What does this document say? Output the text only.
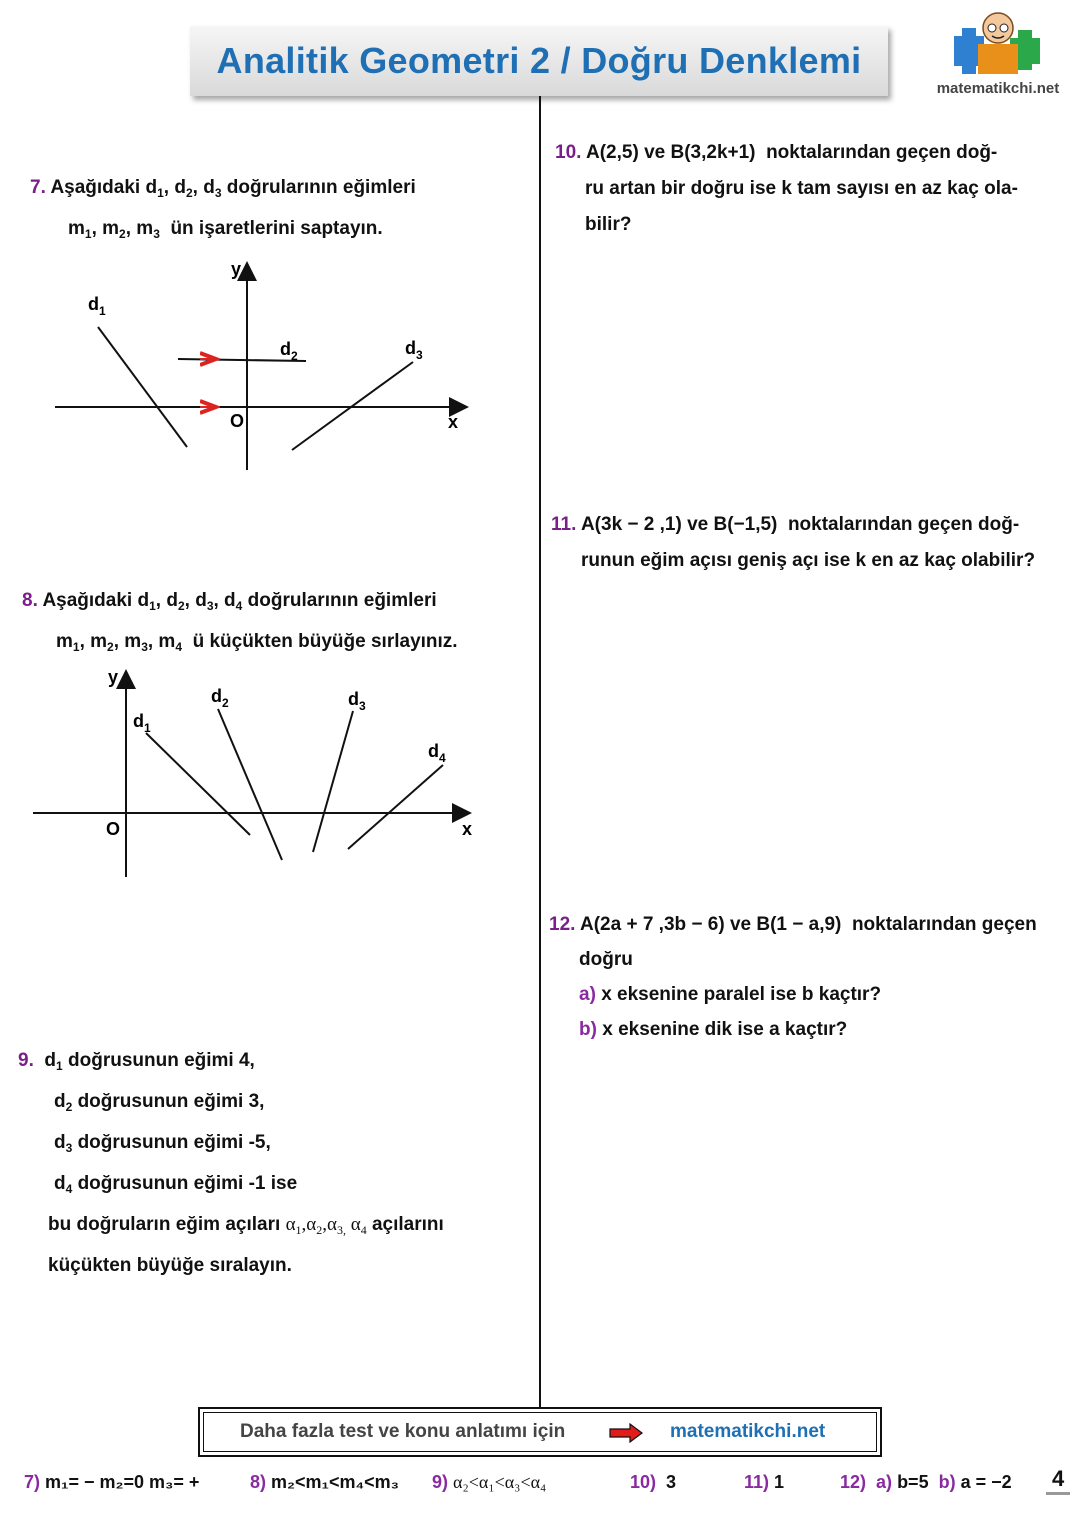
Analitik Geometri 2 / Doğru Denklemi
matematikchi.net
7. Aşağıdaki $d_1$, $d_2$, $d_3$ doğrularının eğimleri
$m_1$, $m_2$, $m_3$ ün işaretlerini saptayın.
$d_1$
$d_2$	$d_3$
y
x
O
8. Aşağıdaki $d_1$, $d_2$, $d_3$, $d_4$ doğrularının eğimleri
$m_1$, $m_2$, $m_3$, $m_4$ ü küçükten büyüğe sırlayınız.
$d_1$
$d_2$	$d_3$
$d_4$
y
x
O
9.  $d_1$ doğrusunun eğimi 4,
$d_2$ doğrusunun eğimi 3,
$d_3$ doğrusunun eğimi -5,
$d_4$ doğrusunun eğimi -1 ise
bu doğruların eğim açıları $\alpha_1,\alpha_2,\alpha_{3,}$ $\alpha_4$ açılarını
küçükten büyüğe sıralayın.
10. A(2,5) ve B(3,2k+1) noktalarından geçen doğ-
ru artan bir doğru ise k tam sayısı en az kaç ola-
bilir?
11. A(3k − 2 ,1) ve B(−1,5) noktalarından geçen doğ-
runun eğim açısı geniş açı ise k en az kaç olabilir?
12. A(2a + 7 ,3b − 6) ve B(1 − a,9) noktalarından geçen
doğru
a) x eksenine paralel ise b kaçtır?
b) x eksenine dik ise a kaçtır?
Daha fazla test ve konu anlatımı için	matematikchi.net
7) m₁= − m₂=0 m₃= +	8) m₂<m₁<m₄<m₃ 9) α₂<α₁<α₃<α₄	10) 3	11) 1	12) a) b=5 b) a = −2 4
